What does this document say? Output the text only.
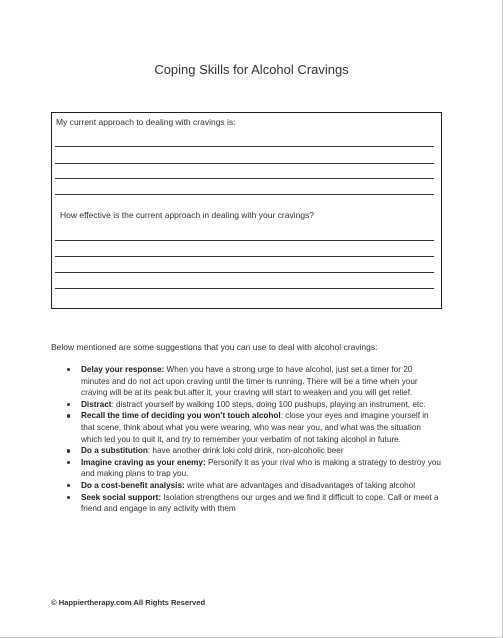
Coping Skills for Alcohol Cravings
My current approach to dealing with cravings is:
How effective is the current approach in dealing with your cravings?
Below mentioned are some suggestions that you can use to deal with alcohol cravings:
Delay your response: When you have a strong urge to have alcohol, just set a timer for 20 minutes and do not act upon craving until the timer is running. There will be a time when your craving will be at its peak but after it, your craving will start to weaken and you will get relief.
Distract: distract yourself by walking 100 steps, doing 100 pushups, playing an instrument, etc.
Recall the time of deciding you won’t touch alcohol: close your eyes and imagine yourself in that scene, think about what you were wearing, who was near you, and what was the situation which led you to quit it, and try to remember your verbatim of not taking alcohol in future.
Do a substitution: have another drink loki cold drink, non-alcoholic beer
Imagine craving as your enemy: Personify it as your rival who is making a strategy to destroy you and making plans to trap you.
Do a cost-benefit analysis: write what are advantages and disadvantages of taking alcohol
Seek social support: Isolation strengthens our urges and we find it difficult to cope. Call or meet a friend and engage in any activity with them
© Happiertherapy.com All Rights Reserved
